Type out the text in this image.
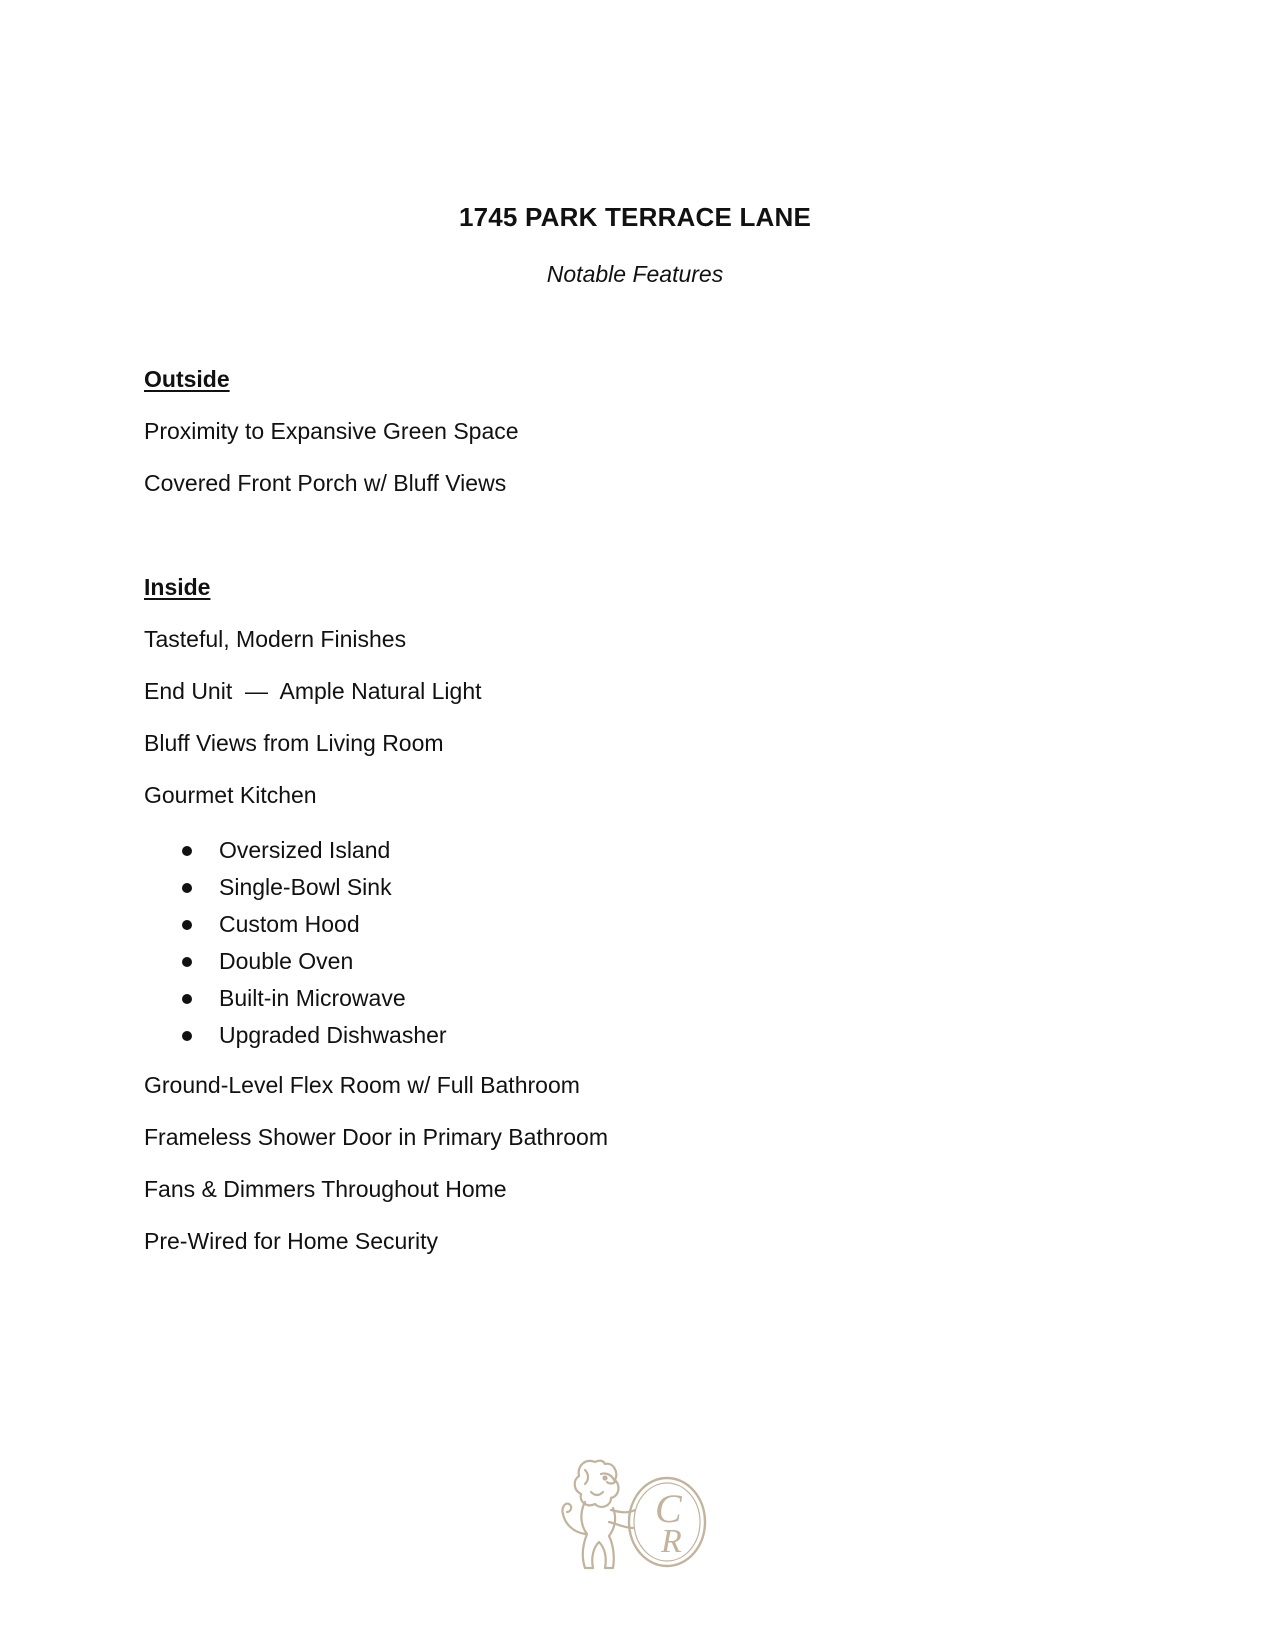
1745 PARK TERRACE LANE
Notable Features
Outside
Proximity to Expansive Green Space
Covered Front Porch w/ Bluff Views
Inside
Tasteful, Modern Finishes
End Unit  —  Ample Natural Light
Bluff Views from Living Room
Gourmet Kitchen
Oversized Island
Single-Bowl Sink
Custom Hood
Double Oven
Built-in Microwave
Upgraded Dishwasher
Ground-Level Flex Room w/ Full Bathroom
Frameless Shower Door in Primary Bathroom
Fans & Dimmers Throughout Home
Pre-Wired for Home Security
C
R
